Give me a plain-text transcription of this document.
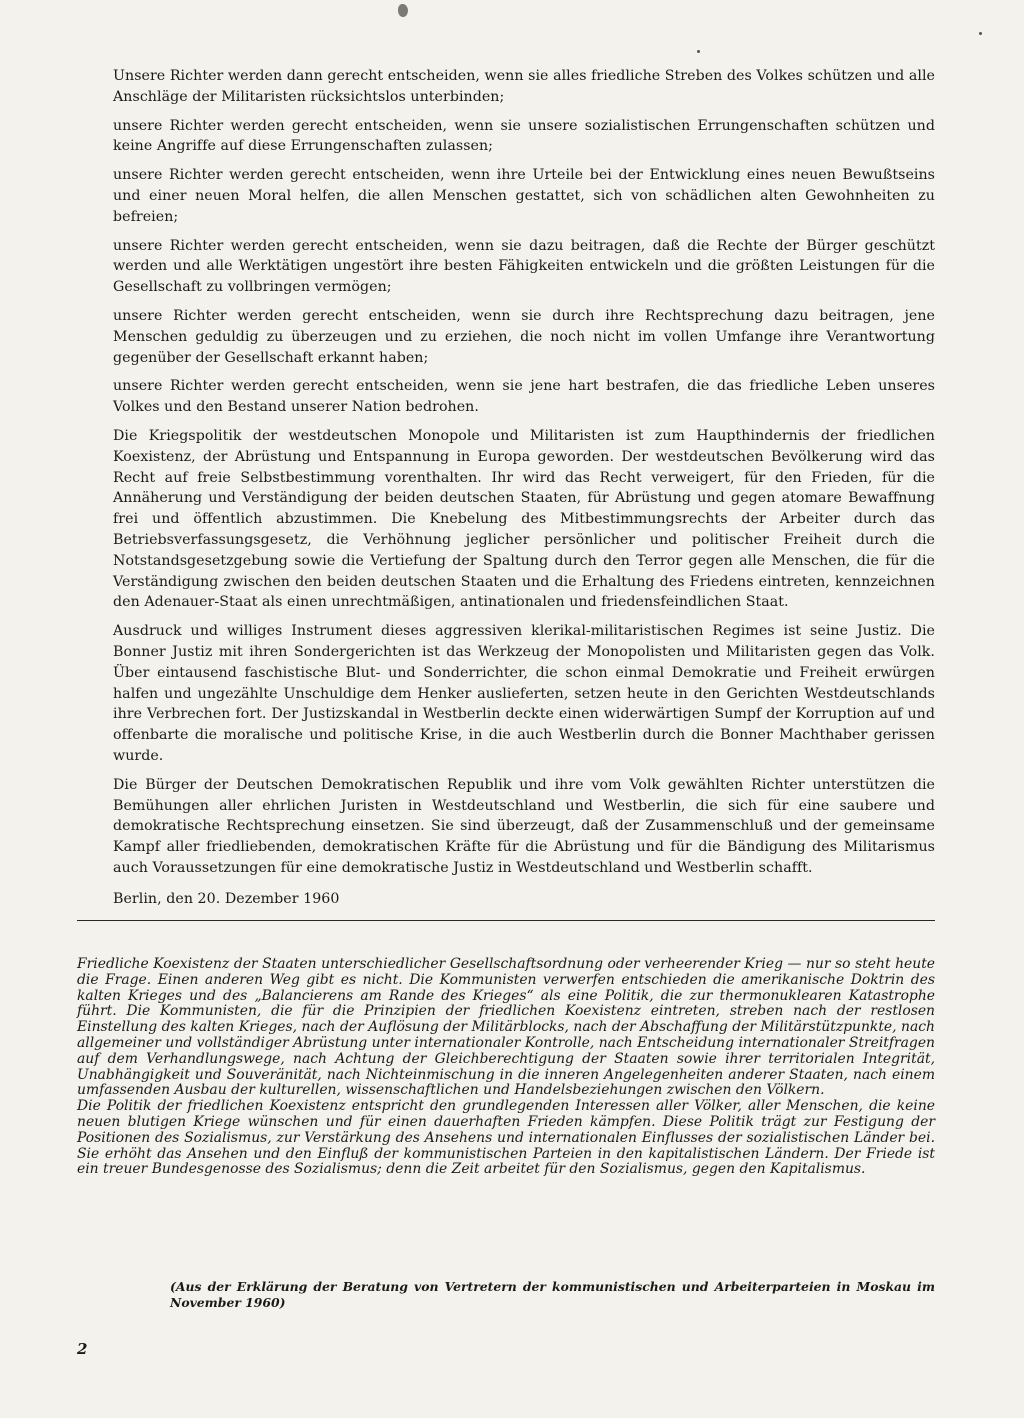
Unsere Richter werden dann gerecht entscheiden, wenn sie alles friedliche Streben des Volkes schützen und alle Anschläge der Militaristen rücksichtslos unterbinden;

unsere Richter werden gerecht entscheiden, wenn sie unsere sozialistischen Errungenschaften schützen und keine Angriffe auf diese Errungenschaften zulassen;

unsere Richter werden gerecht entscheiden, wenn ihre Urteile bei der Entwicklung eines neuen Bewußtseins und einer neuen Moral helfen, die allen Menschen gestattet, sich von schädlichen alten Gewohnheiten zu befreien;

unsere Richter werden gerecht entscheiden, wenn sie dazu beitragen, daß die Rechte der Bürger geschützt werden und alle Werktätigen ungestört ihre besten Fähigkeiten entwickeln und die größten Leistungen für die Gesellschaft zu vollbringen vermögen;

unsere Richter werden gerecht entscheiden, wenn sie durch ihre Rechtsprechung dazu beitragen, jene Menschen geduldig zu überzeugen und zu erziehen, die noch nicht im vollen Umfange ihre Verantwortung gegenüber der Gesellschaft erkannt haben;

unsere Richter werden gerecht entscheiden, wenn sie jene hart bestrafen, die das friedliche Leben unseres Volkes und den Bestand unserer Nation bedrohen.

Die Kriegspolitik der westdeutschen Monopole und Militaristen ist zum Haupthindernis der friedlichen Koexistenz, der Abrüstung und Entspannung in Europa geworden. Der westdeutschen Bevölkerung wird das Recht auf freie Selbstbestimmung vorenthalten. Ihr wird das Recht verweigert, für den Frieden, für die Annäherung und Verständigung der beiden deutschen Staaten, für Abrüstung und gegen atomare Bewaffnung frei und öffentlich abzustimmen. Die Knebelung des Mitbestimmungsrechts der Arbeiter durch das Betriebsverfassungsgesetz, die Verhöhnung jeglicher persönlicher und politischer Freiheit durch die Notstandsgesetzgebung sowie die Vertiefung der Spaltung durch den Terror gegen alle Menschen, die für die Verständigung zwischen den beiden deutschen Staaten und die Erhaltung des Friedens eintreten, kennzeichnen den Adenauer-Staat als einen unrechtmäßigen, antinationalen und friedensfeindlichen Staat.

Ausdruck und williges Instrument dieses aggressiven klerikal-militaristischen Regimes ist seine Justiz. Die Bonner Justiz mit ihren Sondergerichten ist das Werkzeug der Monopolisten und Militaristen gegen das Volk. Über eintausend faschistische Blut- und Sonderrichter, die schon einmal Demokratie und Freiheit erwürgen halfen und ungezählte Unschuldige dem Henker auslieferten, setzen heute in den Gerichten Westdeutschlands ihre Verbrechen fort. Der Justizskandal in Westberlin deckte einen widerwärtigen Sumpf der Korruption auf und offenbarte die moralische und politische Krise, in die auch Westberlin durch die Bonner Machthaber gerissen wurde.

Die Bürger der Deutschen Demokratischen Republik und ihre vom Volk gewählten Richter unterstützen die Bemühungen aller ehrlichen Juristen in Westdeutschland und Westberlin, die sich für eine saubere und demokratische Rechtsprechung einsetzen. Sie sind überzeugt, daß der Zusammenschluß und der gemeinsame Kampf aller friedliebenden, demokratischen Kräfte für die Abrüstung und für die Bändigung des Militarismus auch Voraussetzungen für eine demokratische Justiz in Westdeutschland und Westberlin schafft.

Berlin, den 20. Dezember 1960

Friedliche Koexistenz der Staaten unterschiedlicher Gesellschaftsordnung oder verheerender Krieg — nur so steht heute die Frage. Einen anderen Weg gibt es nicht. Die Kommunisten verwerfen entschieden die amerikanische Doktrin des kalten Krieges und des „Balancierens am Rande des Krieges“ als eine Politik, die zur thermonuklearen Katastrophe führt. Die Kommunisten, die für die Prinzipien der friedlichen Koexistenz eintreten, streben nach der restlosen Einstellung des kalten Krieges, nach der Auflösung der Militärblocks, nach der Abschaffung der Militärstützpunkte, nach allgemeiner und vollständiger Abrüstung unter internationaler Kontrolle, nach Entscheidung internationaler Streitfragen auf dem Verhandlungswege, nach Achtung der Gleichberechtigung der Staaten sowie ihrer territorialen Integrität, Unabhängigkeit und Souveränität, nach Nichteinmischung in die inneren Angelegenheiten anderer Staaten, nach einem umfassenden Ausbau der kulturellen, wissenschaftlichen und Handelsbeziehungen zwischen den Völkern.

Die Politik der friedlichen Koexistenz entspricht den grundlegenden Interessen aller Völker, aller Menschen, die keine neuen blutigen Kriege wünschen und für einen dauerhaften Frieden kämpfen. Diese Politik trägt zur Festigung der Positionen des Sozialismus, zur Verstärkung des Ansehens und internationalen Einflusses der sozialistischen Länder bei. Sie erhöht das Ansehen und den Einfluß der kommunistischen Parteien in den kapitalistischen Ländern. Der Friede ist ein treuer Bundesgenosse des Sozialismus; denn die Zeit arbeitet für den Sozialismus, gegen den Kapitalismus.

(Aus der Erklärung der Beratung von Vertretern der kommunistischen und Arbeiterparteien in Moskau im November 1960)

2
